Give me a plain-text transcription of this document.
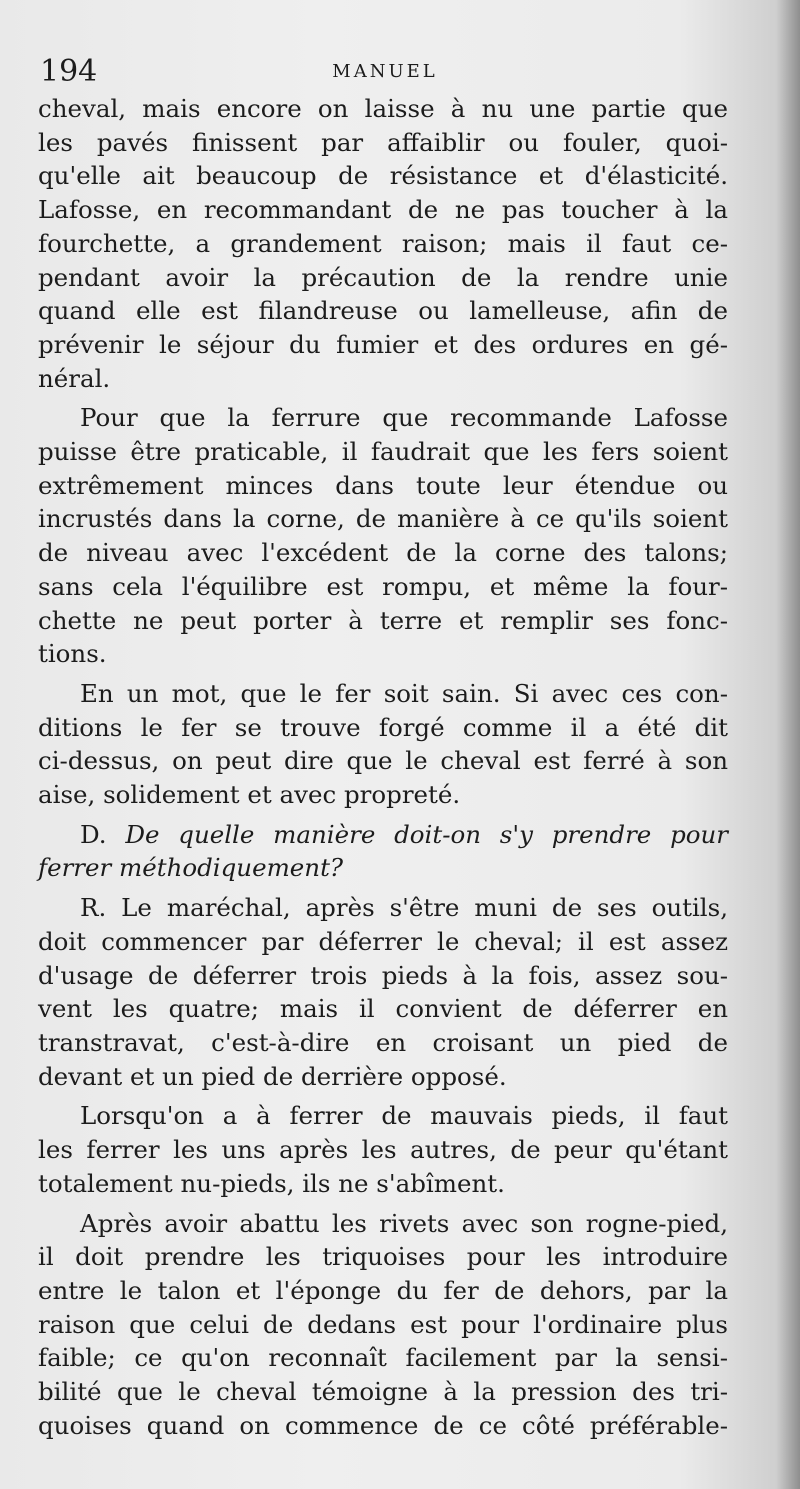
194	MANUEL

cheval, mais encore on laisse à nu une partie que
les pavés finissent par affaiblir ou fouler, quoi-
qu'elle ait beaucoup de résistance et d'élasticité.
Lafosse, en recommandant de ne pas toucher à la
fourchette, a grandement raison; mais il faut ce-
pendant avoir la précaution de la rendre unie
quand elle est filandreuse ou lamelleuse, afin de
prévenir le séjour du fumier et des ordures en gé-
néral.

Pour que la ferrure que recommande Lafosse
puisse être praticable, il faudrait que les fers soient
extrêmement minces dans toute leur étendue ou
incrustés dans la corne, de manière à ce qu'ils soient
de niveau avec l'excédent de la corne des talons;
sans cela l'équilibre est rompu, et même la four-
chette ne peut porter à terre et remplir ses fonc-
tions.

En un mot, que le fer soit sain. Si avec ces con-
ditions le fer se trouve forgé comme il a été dit
ci-dessus, on peut dire que le cheval est ferré à son
aise, solidement et avec propreté.

D. De quelle manière doit-on s'y prendre pour
ferrer méthodiquement?

R. Le maréchal, après s'être muni de ses outils,
doit commencer par déferrer le cheval; il est assez
d'usage de déferrer trois pieds à la fois, assez sou-
vent les quatre; mais il convient de déferrer en
transtravat, c'est-à-dire en croisant un pied de
devant et un pied de derrière opposé.

Lorsqu'on a à ferrer de mauvais pieds, il faut
les ferrer les uns après les autres, de peur qu'étant
totalement nu-pieds, ils ne s'abîment.

Après avoir abattu les rivets avec son rogne-pied,
il doit prendre les triquoises pour les introduire
entre le talon et l'éponge du fer de dehors, par la
raison que celui de dedans est pour l'ordinaire plus
faible; ce qu'on reconnaît facilement par la sensi-
bilité que le cheval témoigne à la pression des tri-
quoises quand on commence de ce côté préférable-
